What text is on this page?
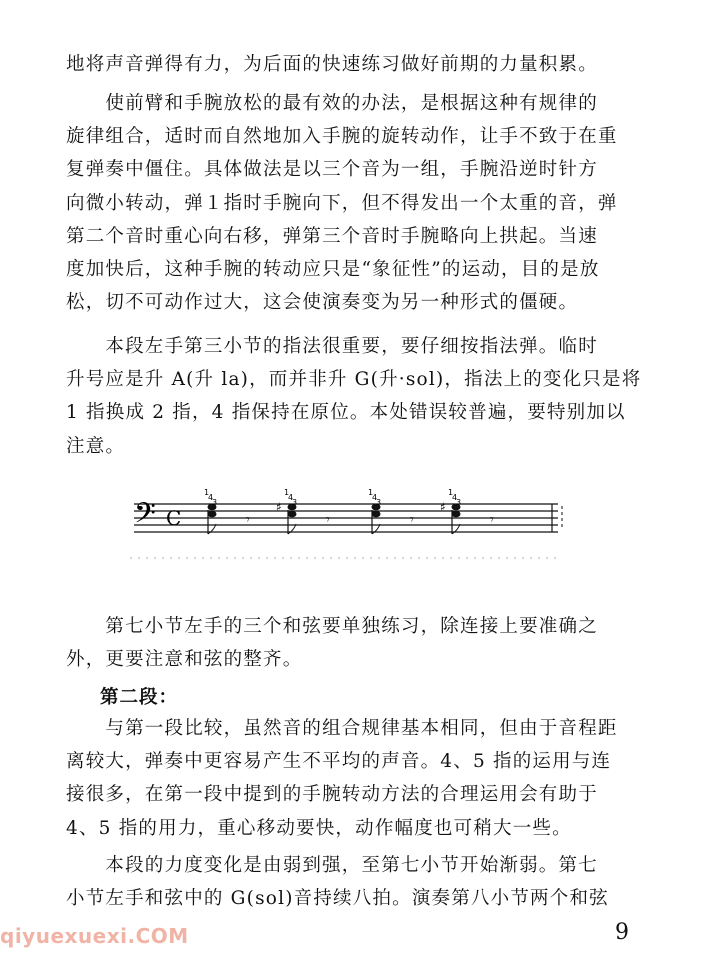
地将声音弹得有力，为后面的快速练习做好前期的力量积累。
　　使前臂和手腕放松的最有效的办法，是根据这种有规律的
旋律组合，适时而自然地加入手腕的旋转动作，让手不致于在重
复弹奏中僵住。具体做法是以三个音为一组，手腕沿逆时针方
向微小转动，弹１指时手腕向下，但不得发出一个太重的音，弹
第二个音时重心向右移，弹第三个音时手腕略向上拱起。当速
度加快后，这种手腕的转动应只是“象征性”的运动，目的是放
松，切不可动作过大，这会使演奏变为另一种形式的僵硬。
　　本段左手第三小节的指法很重要，要仔细按指法弹。临时
升号应是升 A(升 la)，而并非升 G(升·sol)，指法上的变化只是将
1 指换成 2 指，4 指保持在原位。本处错误较普遍，要特别加以
注意。
𝄢 C
1
4
3
𝄾
♯
1
4
3
𝄾
1
4
3
𝄾
♯
1
4
3
𝄾
　　第七小节左手的三个和弦要单独练习，除连接上要准确之
外，更要注意和弦的整齐。
第二段：
　　与第一段比较，虽然音的组合规律基本相同，但由于音程距
离较大，弹奏中更容易产生不平均的声音。4、5 指的运用与连
接很多，在第一段中提到的手腕转动方法的合理运用会有助于
4、5 指的用力，重心移动要快，动作幅度也可稍大一些。
　　本段的力度变化是由弱到强，至第七小节开始渐弱。第七
小节左手和弦中的 G(sol)音持续八拍。演奏第八小节两个和弦
qiyuexuexi.COM	9
